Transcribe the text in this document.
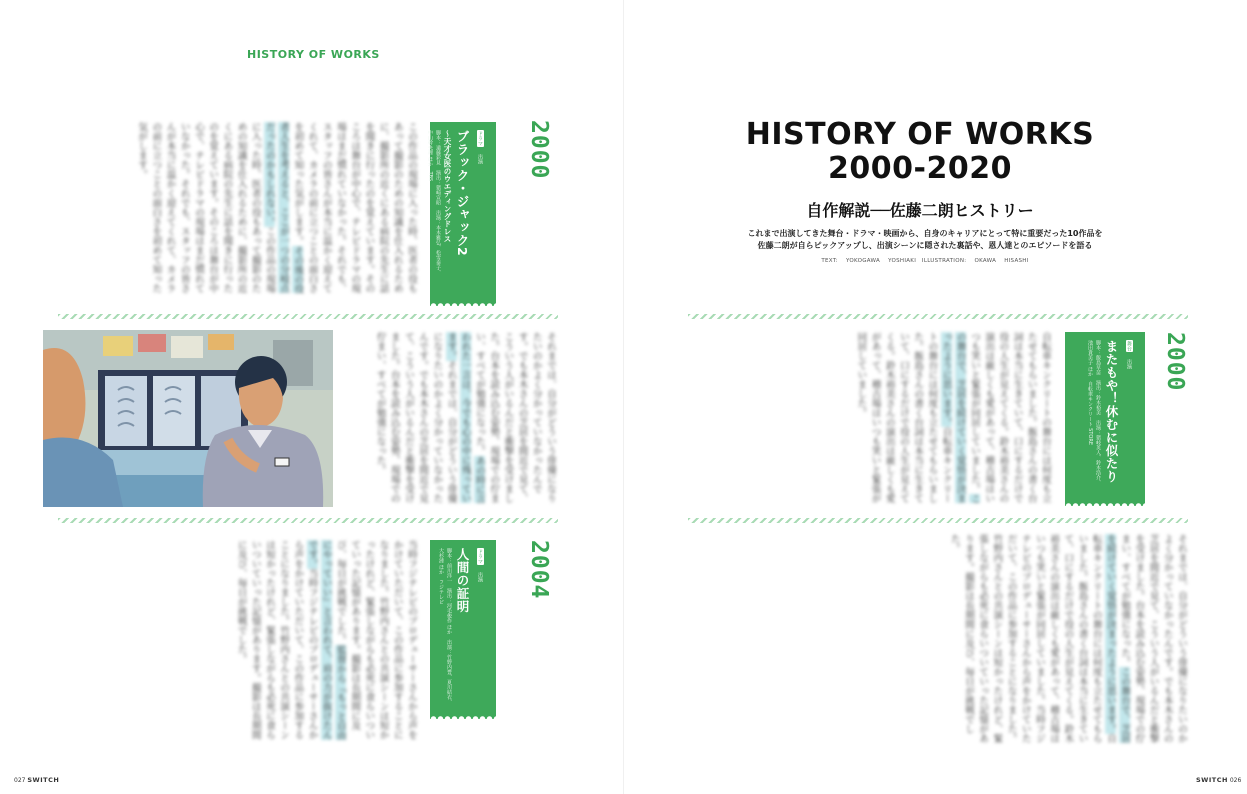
HISTORY OF WORKS
2000
ドラマ 出演
ブラック・ジャック2
～天才女医のウエディングドレス
脚本：遠藤彩見　演出：猪崎宣昭　出演：本木雅弘、松雪泰子、
中山幹央理 ほか　TBS
この作品の現場に入った時、医者の役もあって撮影のための知識を仕入れるために、撮影所の近くにある病院の先生に話を聞きに行ったのを覚えています。そのころは舞台が中心で、テレビドラマの現場はまだ慣れていなかった。それでも、スタッフの皆さんが本当に温かく迎えてくれて、カメラの前に立つことの面白さを初めて知った気がします。その後の役者人生を考えると、ここが一つの分岐点だったのかもしれない。この作品の現場に入った時、医者の役もあって撮影のための知識を仕入れるために、撮影所の近くにある病院の先生に話を聞きに行ったのを覚えています。そのころは舞台が中心で、テレビドラマの現場はまだ慣れていなかった。それでも、スタッフの皆さんが本当に温かく迎えてくれて、カメラの前に立つことの面白さを初めて知った気がします。
それまでは、自分がどういう俳優になりたいのかよく分かっていなかったんです。でも本木さんの芝居を間近で見て、こういう人がいるんだと衝撃を受けました。台本を読み込む姿勢、現場での佇まい、すべてが勉強になった。あの時に言われた一言は、今でも心の中に残っています。それまでは、自分がどういう俳優になりたいのかよく分かっていなかったんです。でも本木さんの芝居を間近で見て、こういう人がいるんだと衝撃を受けました。台本を読み込む姿勢、現場での佇まい、すべてが勉強になった。
2004
ドラマ 出演
人間の証明
脚本：前川洋一　演出：河毛俊作 ほか　出演：竹野内豊、夏川結衣、
大杉漣 ほか　フジテレビ
当時フジテレビのプロデューサーさんから声をかけていただいて、この作品に参加することになりました。竹野内さんとの共演シーンは短かったけれど、緊張しながらも必死に食らいついていった記憶があります。撮影は長期間に及び、毎日が挑戦でした。監督から『もっと自由にやっていい』と言われて、肩の力が抜けたんです。当時フジテレビのプロデューサーさんから声をかけていただいて、この作品に参加することになりました。竹野内さんとの共演シーンは短かったけれど、緊張しながらも必死に食らいついていった記憶があります。撮影は長期間に及び、毎日が挑戦でした。
027 SWITCH
HISTORY OF WORKS
2000-2020
自作解説──佐藤二朗ヒストリー
これまで出演してきた舞台・ドラマ・映画から、自身のキャリアにとって特に重要だった10作品を
佐藤二朗が自らピックアップし、出演シーンに隠された裏話や、恩人達とのエピソードを語る
TEXT: YOKOGAWA YOSHIAKI　ILLUSTRATION: OKAWA HISASHI
2000
舞台 出演
またもや！休むに似たり
脚本：飯島早苗　演出：鈴木裕美　出演：猪岐英人、鈴木浩介、
池田貴美子 ほか　自転車キンクリート STORE
自転車キンクリートの舞台には何度も立たせてもらいました。飯島さんの書く台詞は本当に生きていて、口にするだけで役の人生が見えてくる。鈴木裕美さんの演出は厳しくも愛があって、稽古場はいつも笑いと緊張が同居していました。この舞台で、芝居を続けていく覚悟が決まったように思います。自転車キンクリートの舞台には何度も立たせてもらいました。飯島さんの書く台詞は本当に生きていて、口にするだけで役の人生が見えてくる。鈴木裕美さんの演出は厳しくも愛があって、稽古場はいつも笑いと緊張が同居していました。
それまでは、自分がどういう俳優になりたいのかよく分かっていなかったんです。でも本木さんの芝居を間近で見て、こういう人がいるんだと衝撃を受けました。台本を読み込む姿勢、現場での佇まい、すべてが勉強になった。この舞台で、芝居を続けていく覚悟が決まったように思います。自転車キンクリートの舞台には何度も立たせてもらいました。飯島さんの書く台詞は本当に生きていて、口にするだけで役の人生が見えてくる。鈴木裕美さんの演出は厳しくも愛があって、稽古場はいつも笑いと緊張が同居していました。当時フジテレビのプロデューサーさんから声をかけていただいて、この作品に参加することになりました。竹野内さんとの共演シーンは短かったけれど、緊張しながらも必死に食らいついていった記憶があります。撮影は長期間に及び、毎日が挑戦でした。
SWITCH 026
